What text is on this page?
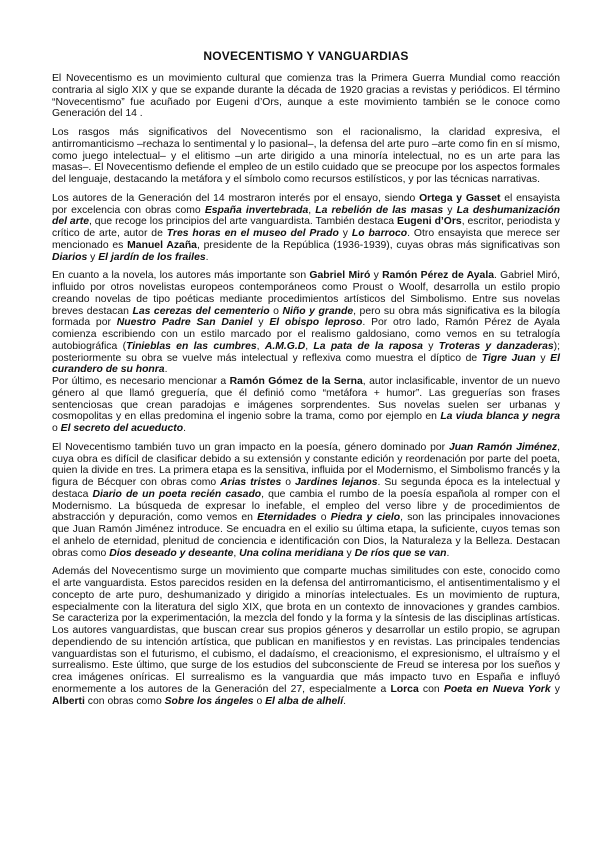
NOVECENTISMO Y VANGUARDIAS

El Novecentismo es un movimiento cultural que comienza tras la Primera Guerra Mundial como reacción contraria al siglo XIX y que se expande durante la década de 1920 gracias a revistas y periódicos. El término “Novecentismo” fue acuñado por Eugeni d’Ors, aunque a este movimiento también se le conoce como Generación del 14 .

Los rasgos más significativos del Novecentismo son el racionalismo, la claridad expresiva, el antirromanticismo –rechaza lo sentimental y lo pasional–, la defensa del arte puro –arte como fin en sí mismo, como juego intelectual– y el elitismo –un arte dirigido a una minoría intelectual, no es un arte para las masas–. El Novecentismo defiende el empleo de un estilo cuidado que se preocupe por los aspectos formales del lenguaje, destacando la metáfora y el símbolo como recursos estilísticos, y por las técnicas narrativas.

Los autores de la Generación del 14 mostraron interés por el ensayo, siendo Ortega y Gasset el ensayista por excelencia con obras como España invertebrada, La rebelión de las masas y La deshumanización del arte, que recoge los principios del arte vanguardista. También destaca Eugeni d’Ors, escritor, periodista y crítico de arte, autor de Tres horas en el museo del Prado y Lo barroco. Otro ensayista que merece ser mencionado es Manuel Azaña, presidente de la República (1936-1939), cuyas obras más significativas son Diarios y El jardín de los frailes.

En cuanto a la novela, los autores más importante son Gabriel Miró y Ramón Pérez de Ayala. Gabriel Miró, influido por otros novelistas europeos contemporáneos como Proust o Woolf, desarrolla un estilo propio creando novelas de tipo poéticas mediante procedimientos artísticos del Simbolismo. Entre sus novelas breves destacan Las cerezas del cementerio o Niño y grande, pero su obra más significativa es la bilogía formada por Nuestro Padre San Daniel y El obispo leproso. Por otro lado, Ramón Pérez de Ayala comienza escribiendo con un estilo marcado por el realismo galdosiano, como vemos en su tetralogía autobiográfica (Tinieblas en las cumbres, A.M.G.D, La pata de la raposa y Troteras y danzaderas); posteriormente su obra se vuelve más intelectual y reflexiva como muestra el díptico de Tigre Juan y El curandero de su honra.

Por último, es necesario mencionar a Ramón Gómez de la Serna, autor inclasificable, inventor de un nuevo género al que llamó greguería, que él definió como “metáfora + humor”. Las greguerías son frases sentenciosas que crean paradojas e imágenes sorprendentes. Sus novelas suelen ser urbanas y cosmopolitas y en ellas predomina el ingenio sobre la trama, como por ejemplo en La viuda blanca y negra o El secreto del acueducto.

El Novecentismo también tuvo un gran impacto en la poesía, género dominado por Juan Ramón Jiménez, cuya obra es difícil de clasificar debido a su extensión y constante edición y reordenación por parte del poeta, quien la divide en tres. La primera etapa es la sensitiva, influida por el Modernismo, el Simbolismo francés y la figura de Bécquer con obras como Arias tristes o Jardines lejanos. Su segunda época es la intelectual y destaca Diario de un poeta recién casado, que cambia el rumbo de la poesía española al romper con el Modernismo. La búsqueda de expresar lo inefable, el empleo del verso libre y de procedimientos de abstracción y depuración, como vemos en Eternidades o Piedra y cielo, son las principales innovaciones que Juan Ramón Jiménez introduce. Se encuadra en el exilio su última etapa, la suficiente, cuyos temas son el anhelo de eternidad, plenitud de conciencia e identificación con Dios, la Naturaleza y la Belleza. Destacan obras como Dios deseado y deseante, Una colina meridiana y De ríos que se van.

Además del Novecentismo surge un movimiento que comparte muchas similitudes con este, conocido como el arte vanguardista. Estos parecidos residen en la defensa del antirromanticismo, el antisentimentalismo y el concepto de arte puro, deshumanizado y dirigido a minorías intelectuales. Es un movimiento de ruptura, especialmente con la literatura del siglo XIX, que brota en un contexto de innovaciones y grandes cambios. Se caracteriza por la experimentación, la mezcla del fondo y la forma y la síntesis de las disciplinas artísticas. Los autores vanguardistas, que buscan crear sus propios géneros y desarrollar un estilo propio, se agrupan dependiendo de su intención artística, que publican en manifiestos y en revistas. Las principales tendencias vanguardistas son el futurismo, el cubismo, el dadaísmo, el creacionismo, el expresionismo, el ultraísmo y el surrealismo. Este último, que surge de los estudios del subconsciente de Freud se interesa por los sueños y crea imágenes oníricas. El surrealismo es la vanguardia que más impacto tuvo en España e influyó enormemente a los autores de la Generación del 27, especialmente a Lorca con Poeta en Nueva York y Alberti con obras como Sobre los ángeles o El alba de alhelí.
